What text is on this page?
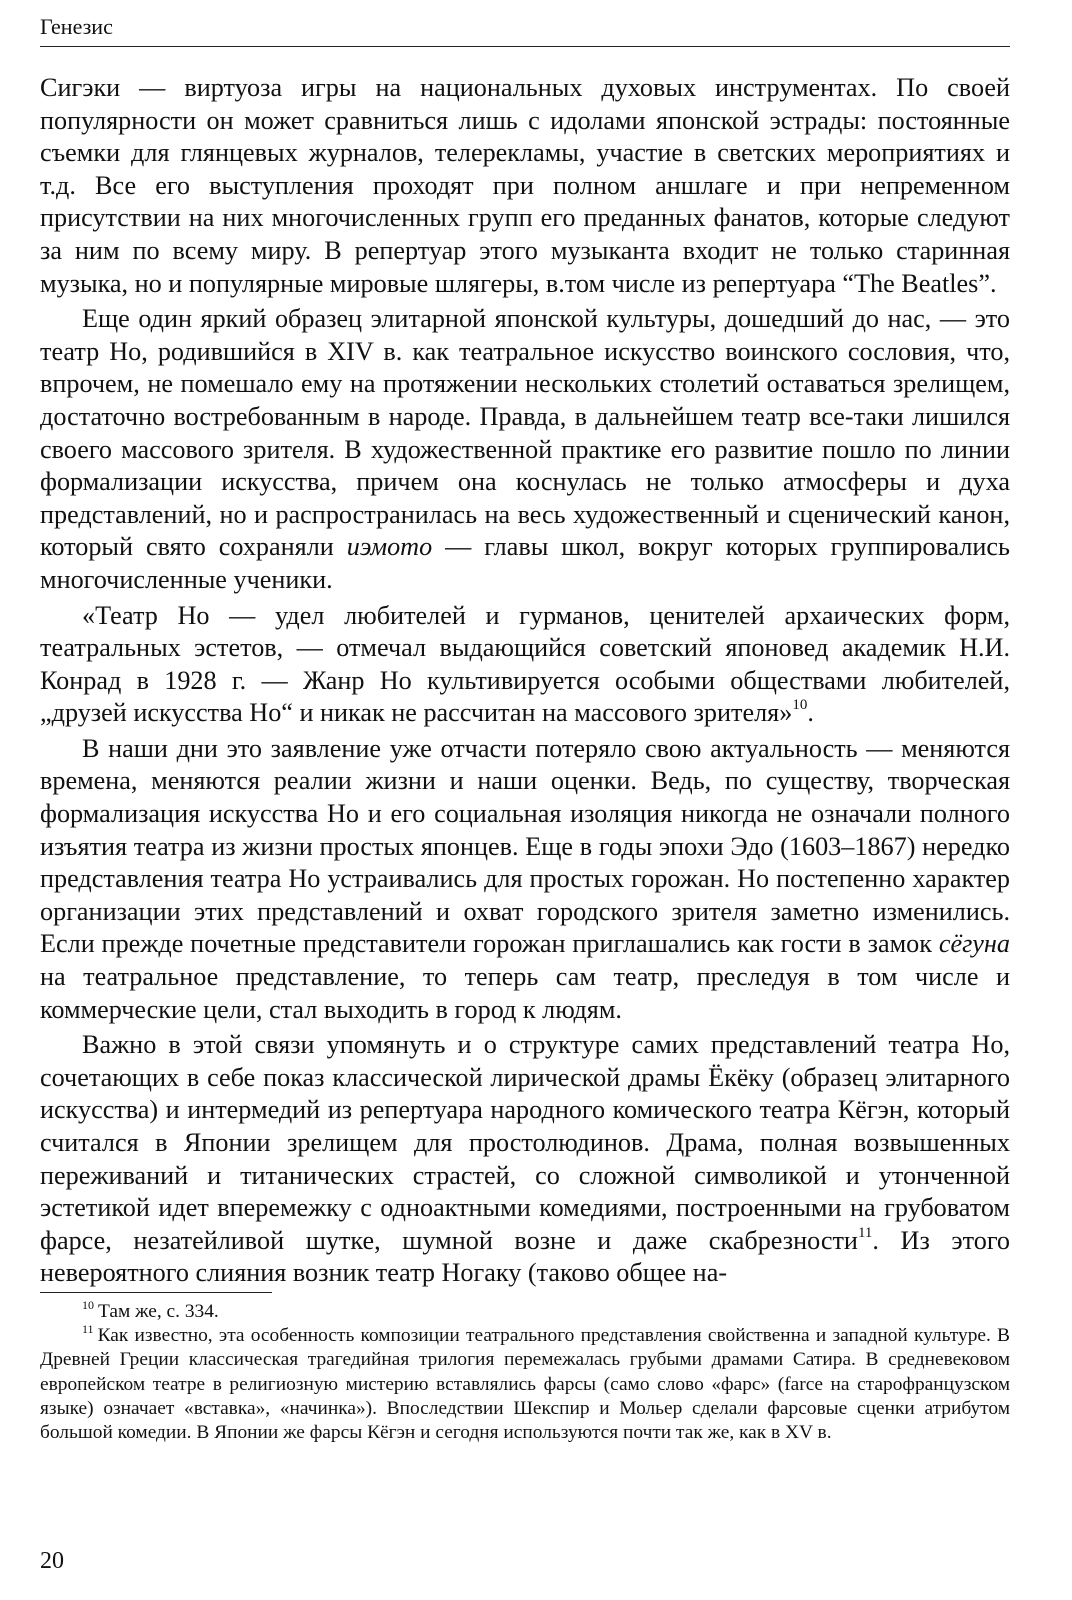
Генезис

Сигэки — виртуоза игры на национальных духовых инструментах. По своей популярности он может сравниться лишь с идолами японской эстрады: постоянные съемки для глянцевых журналов, телерекламы, участие в светских мероприятиях и т.д. Все его выступления проходят при полном аншлаге и при непременном присутствии на них многочисленных групп его преданных фанатов, которые следуют за ним по всему миру. В репертуар этого музыканта входит не только старинная музыка, но и популярные мировые шлягеры, в.том числе из репертуара “The Beatles”.

Еще один яркий образец элитарной японской культуры, дошедший до нас, — это театр Но, родившийся в XIV в. как театральное искусство воинского сословия, что, впрочем, не помешало ему на протяжении нескольких столетий оставаться зрелищем, достаточно востребованным в народе. Правда, в дальнейшем театр все-таки лишился своего массового зрителя. В художественной практике его развитие пошло по линии формализации искусства, причем она коснулась не только атмосферы и духа представлений, но и распространилась на весь художественный и сценический канон, который свято сохраняли иэмото — главы школ, вокруг которых группировались многочисленные ученики.

«Театр Но — удел любителей и гурманов, ценителей архаических форм, театральных эстетов, — отмечал выдающийся советский японовед академик Н.И. Конрад в 1928 г. — Жанр Но культивируется особыми обществами любителей, „друзей искусства Но“ и никак не рассчитан на массового зрителя»$^{10}$.

В наши дни это заявление уже отчасти потеряло свою актуальность — меняются времена, меняются реалии жизни и наши оценки. Ведь, по существу, творческая формализация искусства Но и его социальная изоляция никогда не означали полного изъятия театра из жизни простых японцев. Еще в годы эпохи Эдо (1603–1867) нередко представления театра Но устраивались для простых горожан. Но постепенно характер организации этих представлений и охват городского зрителя заметно изменились. Если прежде почетные представители горожан приглашались как гости в замок сёгуна на театральное представление, то теперь сам театр, преследуя в том числе и коммерческие цели, стал выходить в город к людям.

Важно в этой связи упомянуть и о структуре самих представлений театра Но, сочетающих в себе показ классической лирической драмы Ёкёку (образец элитарного искусства) и интермедий из репертуара народного комического театра Кёгэн, который считался в Японии зрелищем для простолюдинов. Драма, полная возвышенных переживаний и титанических страстей, со сложной символикой и утонченной эстетикой идет вперемежку с одноактными комедиями, построенными на грубоватом фарсе, незатейливой шутке, шумной возне и даже скабрезности$^{11}$. Из этого невероятного слияния возник театр Ногаку (таково общее на-

$^{10}$ Там же, с. 334.

$^{11}$ Как известно, эта особенность композиции театрального представления свойственна и западной культуре. В Древней Греции классическая трагедийная трилогия перемежалась грубыми драмами Сатира. В средневековом европейском театре в религиозную мистерию вставлялись фарсы (само слово «фарс» (farce на старофранцузском языке) означает «вставка», «начинка»). Впоследствии Шекспир и Мольер сделали фарсовые сценки атрибутом большой комедии. В Японии же фарсы Кёгэн и сегодня используются почти так же, как в XV в.

20
